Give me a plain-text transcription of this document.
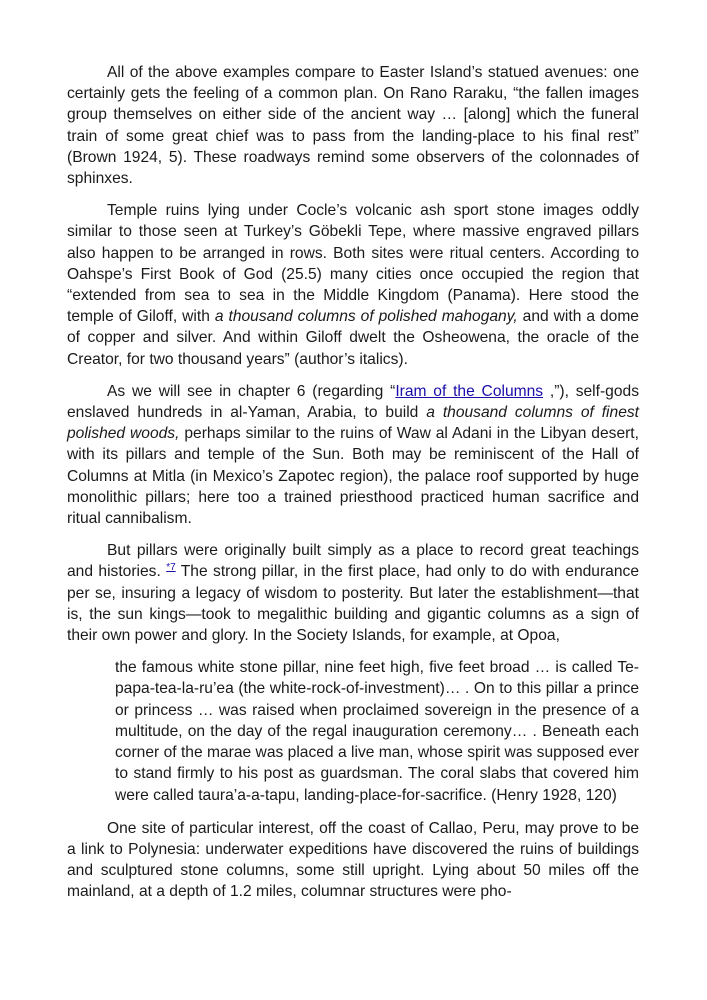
All of the above examples compare to Easter Island’s statued avenues: one certainly gets the feeling of a common plan. On Rano Raraku, “the fallen images group themselves on either side of the ancient way … [along] which the funeral train of some great chief was to pass from the landing-place to his final rest” (Brown 1924, 5). These roadways remind some observers of the colonnades of sphinxes.

Temple ruins lying under Cocle’s volcanic ash sport stone images oddly similar to those seen at Turkey’s Göbekli Tepe, where massive engraved pillars also happen to be arranged in rows. Both sites were ritual centers. According to Oahspe’s First Book of God (25.5) many cities once occupied the region that “extended from sea to sea in the Middle Kingdom (Panama). Here stood the temple of Giloff, with a thousand columns of polished mahogany, and with a dome of copper and silver. And within Giloff dwelt the Osheowena, the oracle of the Creator, for two thousand years” (author’s italics).

As we will see in chapter 6 (regarding “Iram of the Columns ,”), self-gods enslaved hundreds in al-Yaman, Arabia, to build a thousand columns of finest polished woods, perhaps similar to the ruins of Waw al Adani in the Libyan desert, with its pillars and temple of the Sun. Both may be reminiscent of the Hall of Columns at Mitla (in Mexico’s Zapotec region), the palace roof supported by huge monolithic pillars; here too a trained priesthood practiced human sacrifice and ritual cannibalism.

But pillars were originally built simply as a place to record great teachings and histories. $^{*7}$ The strong pillar, in the first place, had only to do with endurance per se, insuring a legacy of wisdom to posterity. But later the establishment—that is, the sun kings—took to megalithic building and gigantic columns as a sign of their own power and glory. In the Society Islands, for example, at Opoa,

the famous white stone pillar, nine feet high, five feet broad … is called Te-papa-tea-la-ru’ea (the white-rock-of-investment)… . On to this pillar a prince or princess … was raised when proclaimed sovereign in the presence of a multitude, on the day of the regal inauguration ceremony… . Beneath each corner of the marae was placed a live man, whose spirit was supposed ever to stand firmly to his post as guardsman. The coral slabs that covered him were called taura’a-a-tapu, landing-place-for-sacrifice. (Henry 1928, 120)

One site of particular interest, off the coast of Callao, Peru, may prove to be a link to Polynesia: underwater expeditions have discovered the ruins of buildings and sculptured stone columns, some still upright. Lying about 50 miles off the mainland, at a depth of 1.2 miles, columnar structures were pho-
